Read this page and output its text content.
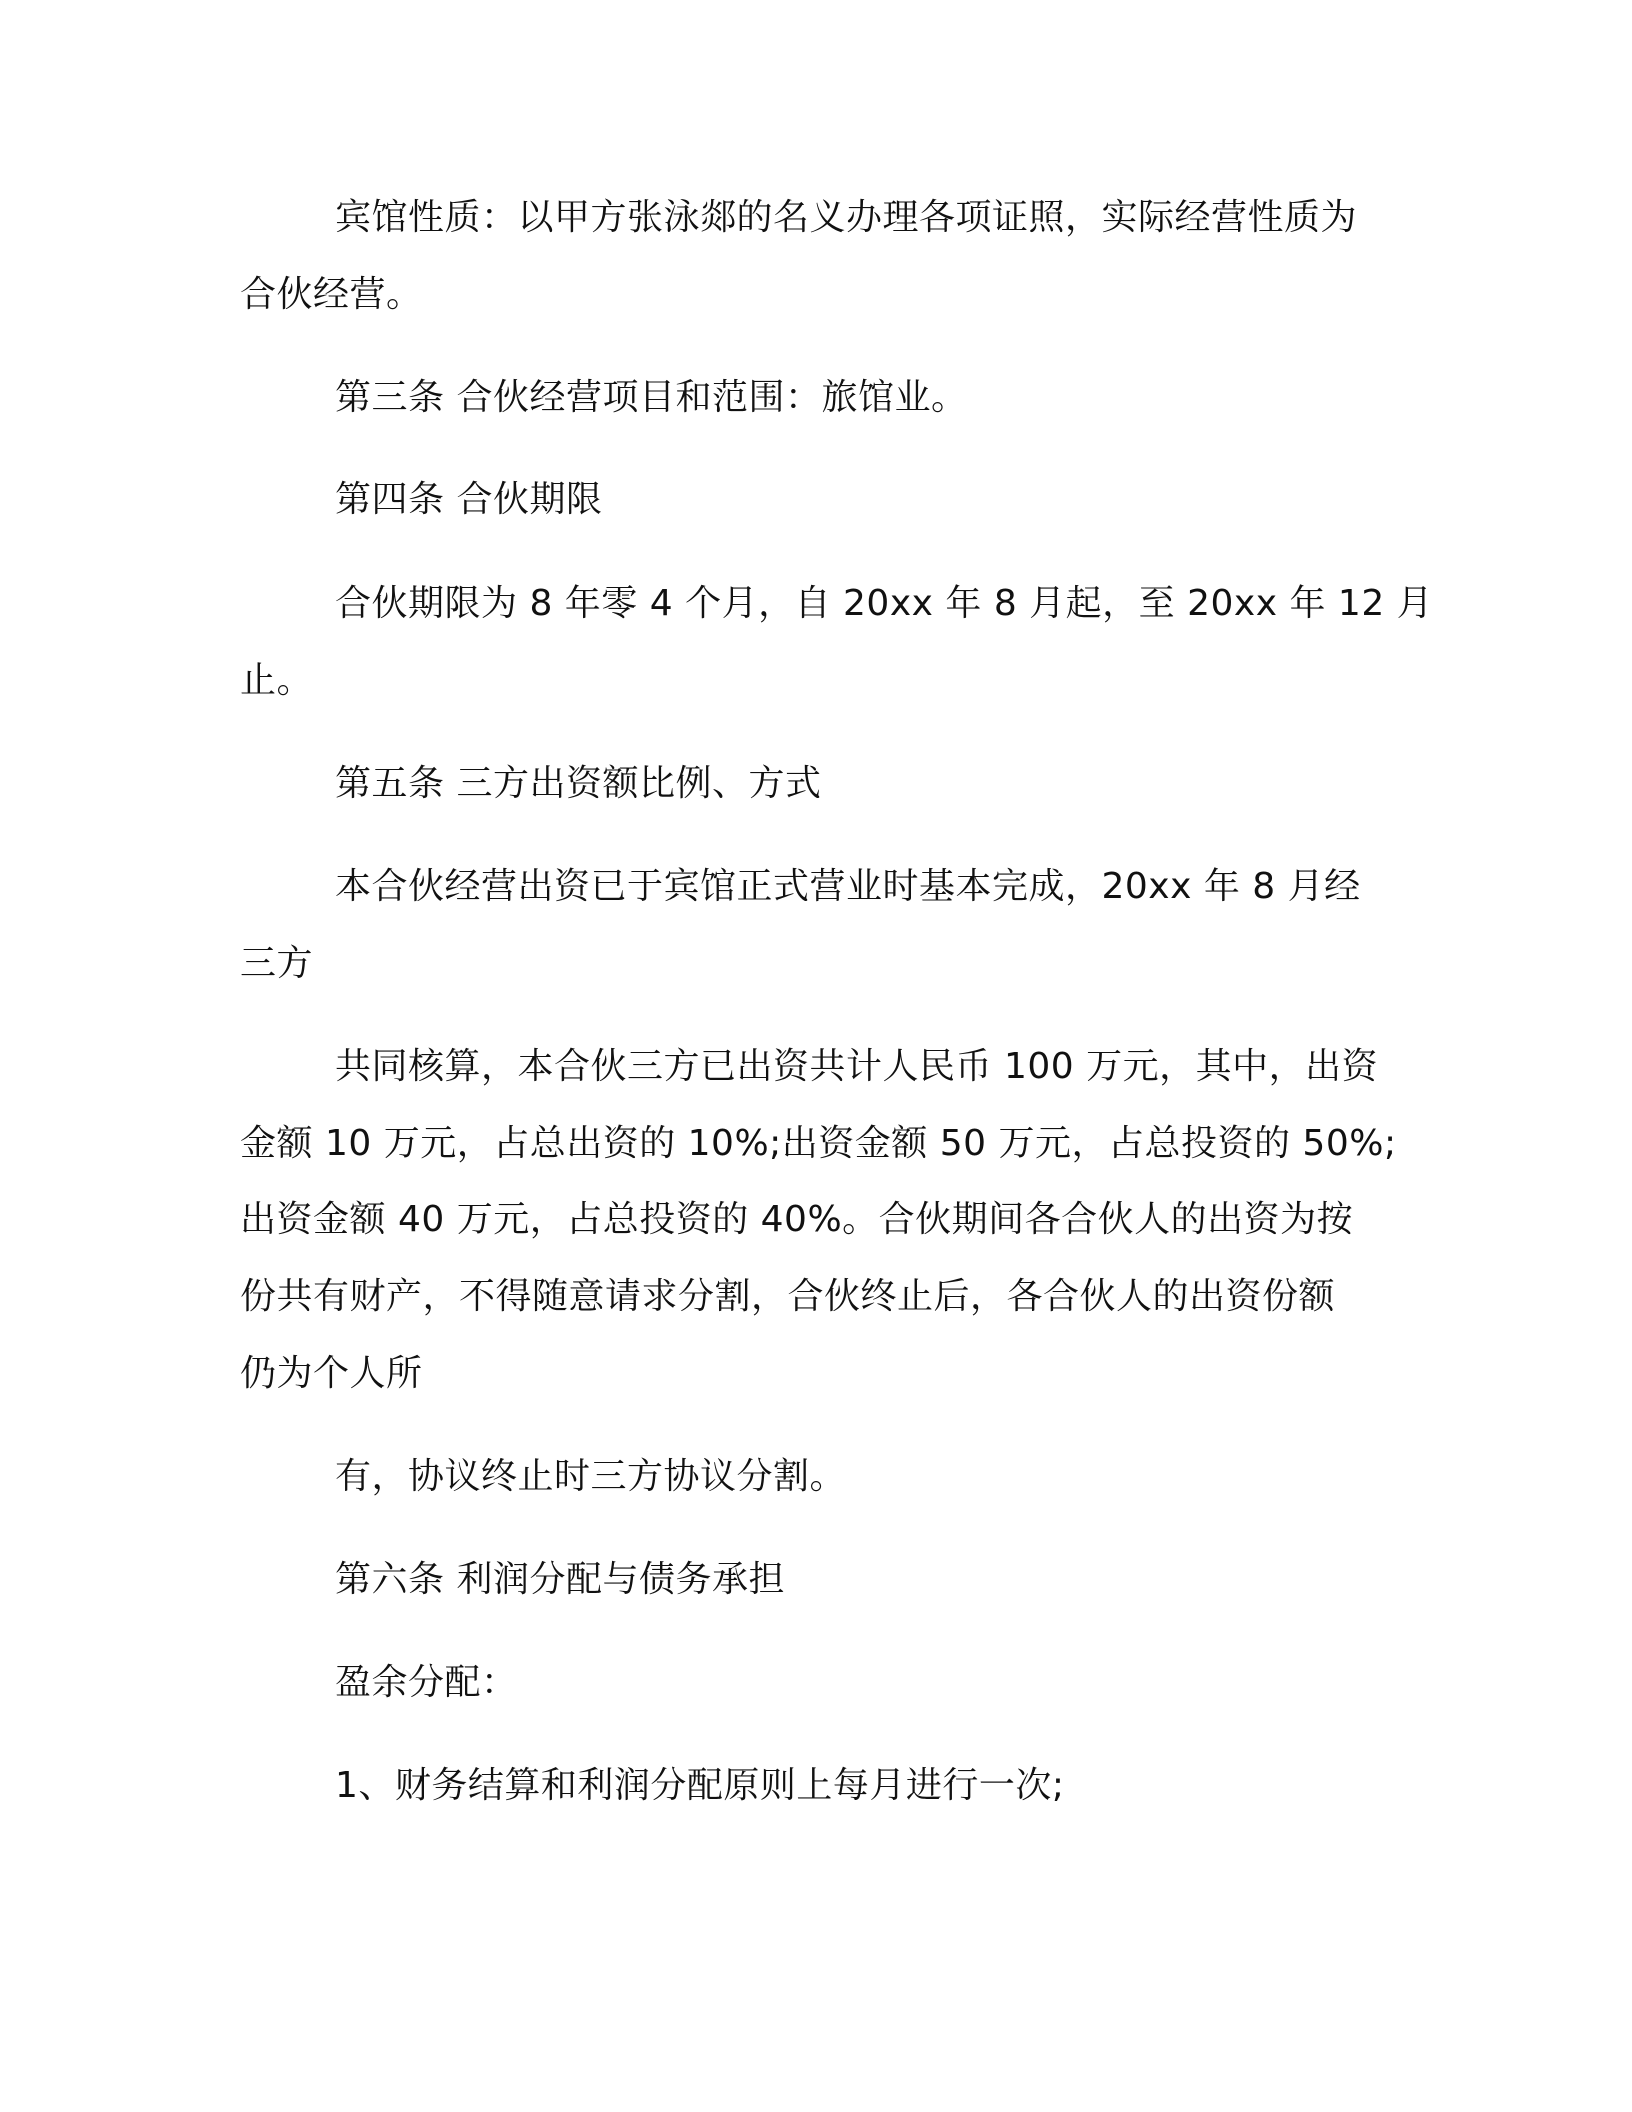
宾馆性质：以甲方张泳郯的名义办理各项证照，实际经营性质为
合伙经营。
第三条 合伙经营项目和范围：旅馆业。
第四条 合伙期限
合伙期限为 8 年零 4 个月，自 20xx 年 8 月起，至 20xx 年 12 月
止。
第五条 三方出资额比例、方式
本合伙经营出资已于宾馆正式营业时基本完成，20xx 年 8 月经
三方
共同核算，本合伙三方已出资共计人民币 100 万元，其中，出资
金额 10 万元，占总出资的 10%;出资金额 50 万元，占总投资的 50%;
出资金额 40 万元，占总投资的 40%。合伙期间各合伙人的出资为按
份共有财产，不得随意请求分割，合伙终止后，各合伙人的出资份额
仍为个人所
有，协议终止时三方协议分割。
第六条 利润分配与债务承担
盈余分配：
1、财务结算和利润分配原则上每月进行一次;
